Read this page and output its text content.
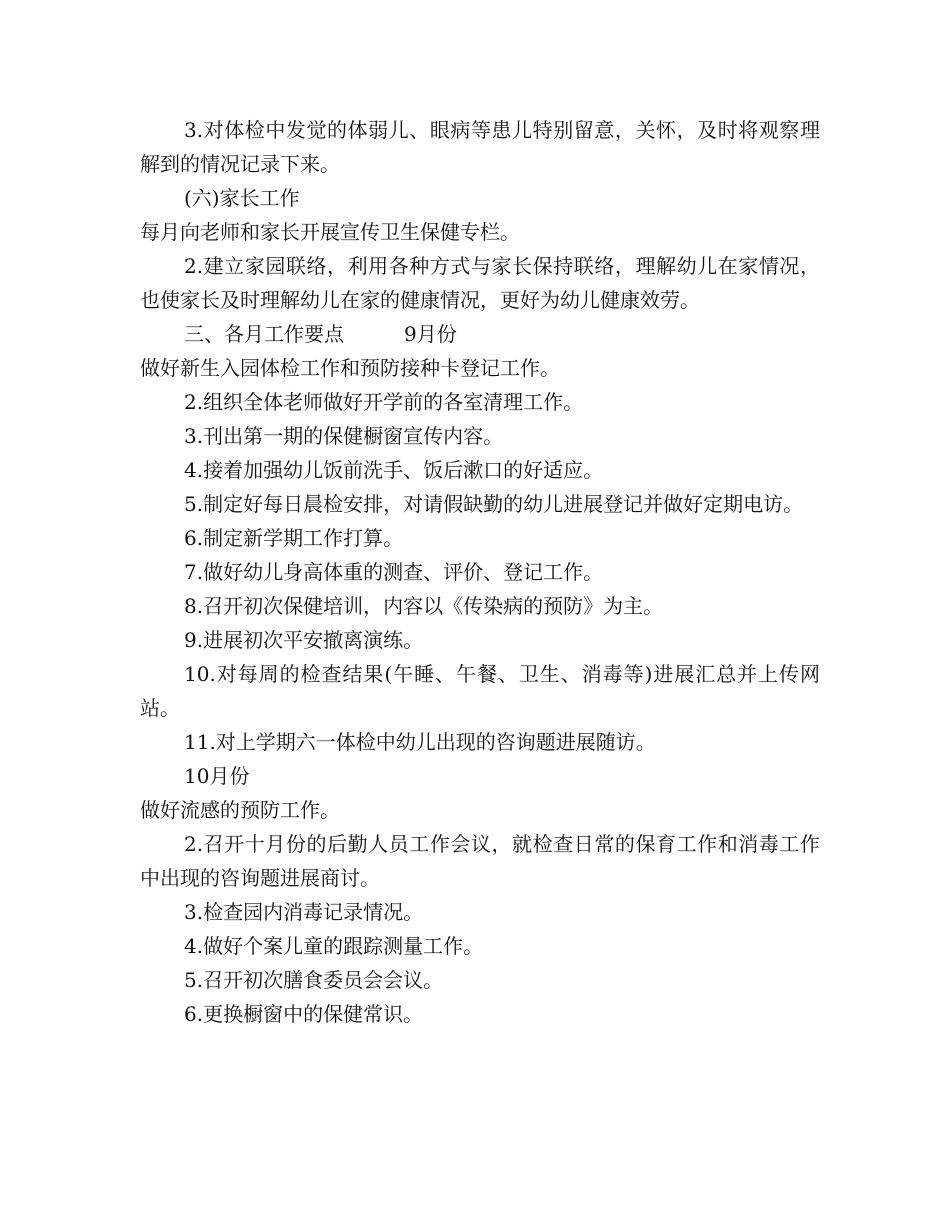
3.对体检中发觉的体弱儿、眼病等患儿特别留意，关怀，及时将观察理解到的情况记录下来。

(六)家长工作

每月向老师和家长开展宣传卫生保健专栏。

2.建立家园联络，利用各种方式与家长保持联络，理解幼儿在家情况，也使家长及时理解幼儿在家的健康情况，更好为幼儿健康效劳。

三、各月工作要点　　　9月份

做好新生入园体检工作和预防接种卡登记工作。

2.组织全体老师做好开学前的各室清理工作。

3.刊出第一期的保健橱窗宣传内容。

4.接着加强幼儿饭前洗手、饭后漱口的好适应。

5.制定好每日晨检安排，对请假缺勤的幼儿进展登记并做好定期电访。

6.制定新学期工作打算。

7.做好幼儿身高体重的测查、评价、登记工作。

8.召开初次保健培训，内容以《传染病的预防》为主。

9.进展初次平安撤离演练。

10.对每周的检查结果(午睡、午餐、卫生、消毒等)进展汇总并上传网站。

11.对上学期六一体检中幼儿出现的咨询题进展随访。

10月份

做好流感的预防工作。

2.召开十月份的后勤人员工作会议，就检查日常的保育工作和消毒工作中出现的咨询题进展商讨。

3.检查园内消毒记录情况。

4.做好个案儿童的跟踪测量工作。

5.召开初次膳食委员会会议。

6.更换橱窗中的保健常识。
